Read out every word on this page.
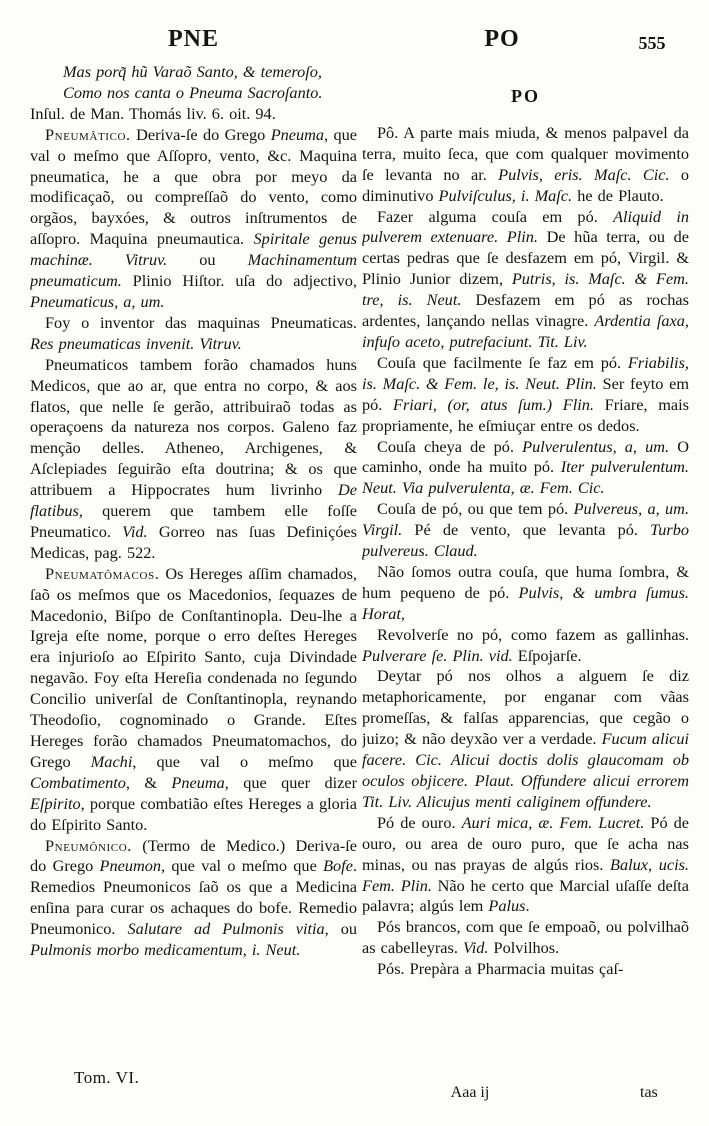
PNE	PO	555

Mas porq̃ hũ Varaõ Santo, & temeroſo,

Como nos canta o Pneuma Sacroſanto.

Inſul. de Man. Thomás liv. 6. oit. 94.

Pneumâtico. Deriva-ſe do Grego Pneuma, que val o meſmo que Aſſopro, vento, &c. Maquina pneumatica, he a que obra por meyo da modificaçaõ, ou compreſſaõ do vento, como orgãos, bayxóes, & outros inſtrumentos de aſſopro. Maquina pneumautica. Spiritale genus machinæ. Vitruv. ou Machinamentum pneumaticum. Plinio Hiſtor. uſa do adjectivo, Pneumaticus, a, um.

Foy o inventor das maquinas Pneumaticas. Res pneumaticas invenit. Vitruv.

Pneumaticos tambem forão chamados huns Medicos, que ao ar, que entra no corpo, & aos flatos, que nelle ſe gerão, attribuiraõ todas as operaçoens da natureza nos corpos. Galeno faz menção delles. Atheneo, Archigenes, & Aſclepiades ſeguirão eſta doutrina; & os que attribuem a Hippocrates hum livrinho De flatibus, querem que tambem elle foſſe Pneumatico. Vid. Gorreo nas ſuas Definiçóes Medicas, pag. 522.

Pneumatômacos. Os Hereges aſſim chamados, ſaõ os meſmos que os Macedonios, ſequazes de Macedonio, Biſpo de Conſtantinopla. Deu-lhe a Igreja eſte nome, porque o erro deſtes Hereges era injurioſo ao Eſpirito Santo, cuja Divindade negavão. Foy eſta Hereſia condenada no ſegundo Concilio univerſal de Conſtantinopla, reynando Theodoſio, cognominado o Grande. Eſtes Hereges forão chamados Pneumatomachos, do Grego Machi, que val o meſmo que Combatimento, & Pneuma, que quer dizer Eſpirito, porque combatião eſtes Hereges a gloria do Eſpirito Santo.

Pneumônico. (Termo de Medico.) Deriva-ſe do Grego Pneumon, que val o meſmo que Bofe. Remedios Pneumonicos ſaõ os que a Medicina enſina para curar os achaques do bofe. Remedio Pneumonico. Salutare ad Pulmonis vitia, ou Pulmonis morbo medicamentum, i. Neut.

PO

Pô. A parte mais miuda, & menos palpavel da terra, muito ſeca, que com qualquer movimento ſe levanta no ar. Pulvis, eris. Maſc. Cic. o diminutivo Pulviſculus, i. Maſc. he de Plauto.

Fazer alguma couſa em pó. Aliquid in pulverem extenuare. Plin. De hũa terra, ou de certas pedras que ſe desfazem em pó, Virgil. & Plinio Junior dizem, Putris, is. Maſc. & Fem. tre, is. Neut. Desfazem em pó as rochas ardentes, lançando nellas vinagre. Ardentia ſaxa, infuſo aceto, putrefaciunt. Tit. Liv.

Couſa que facilmente ſe faz em pó. Friabilis, is. Maſc. & Fem. le, is. Neut. Plin. Ser feyto em pó. Friari, (or, atus ſum.) Flin. Friare, mais propriamente, he eſmiuçar entre os dedos.

Couſa cheya de pó. Pulverulentus, a, um. O caminho, onde ha muito pó. Iter pulverulentum. Neut. Via pulverulenta, æ. Fem. Cic.

Couſa de pó, ou que tem pó. Pulvereus, a, um. Virgil. Pé de vento, que levanta pó. Turbo pulvereus. Claud.

Não ſomos outra couſa, que huma ſombra, & hum pequeno de pó. Pulvis, & umbra ſumus. Horat,

Revolverſe no pó, como fazem as gallinhas. Pulverare ſe. Plin. vid. Eſpojarſe.

Deytar pó nos olhos a alguem ſe diz metaphoricamente, por enganar com vãas promeſſas, & falſas apparencias, que cegão o juizo; & não deyxão ver a verdade. Fucum alicui facere. Cic. Alicui doctis dolis glaucomam ob oculos objicere. Plaut. Offundere alicui errorem Tit. Liv. Alicujus menti caliginem offundere.

Pó de ouro. Auri mica, æ. Fem. Lucret. Pó de ouro, ou area de ouro puro, que ſe acha nas minas, ou nas prayas de algús rios. Balux, ucis. Fem. Plin. Não he certo que Marcial uſaſſe deſta palavra; algús lem Palus.

Pós brancos, com que ſe empoaõ, ou polvilhaõ as cabelleyras. Vid. Polvilhos.

Pós. Prepàra a Pharmacia muitas çaſ-

Tom. VI.
Aaa ij	tas
